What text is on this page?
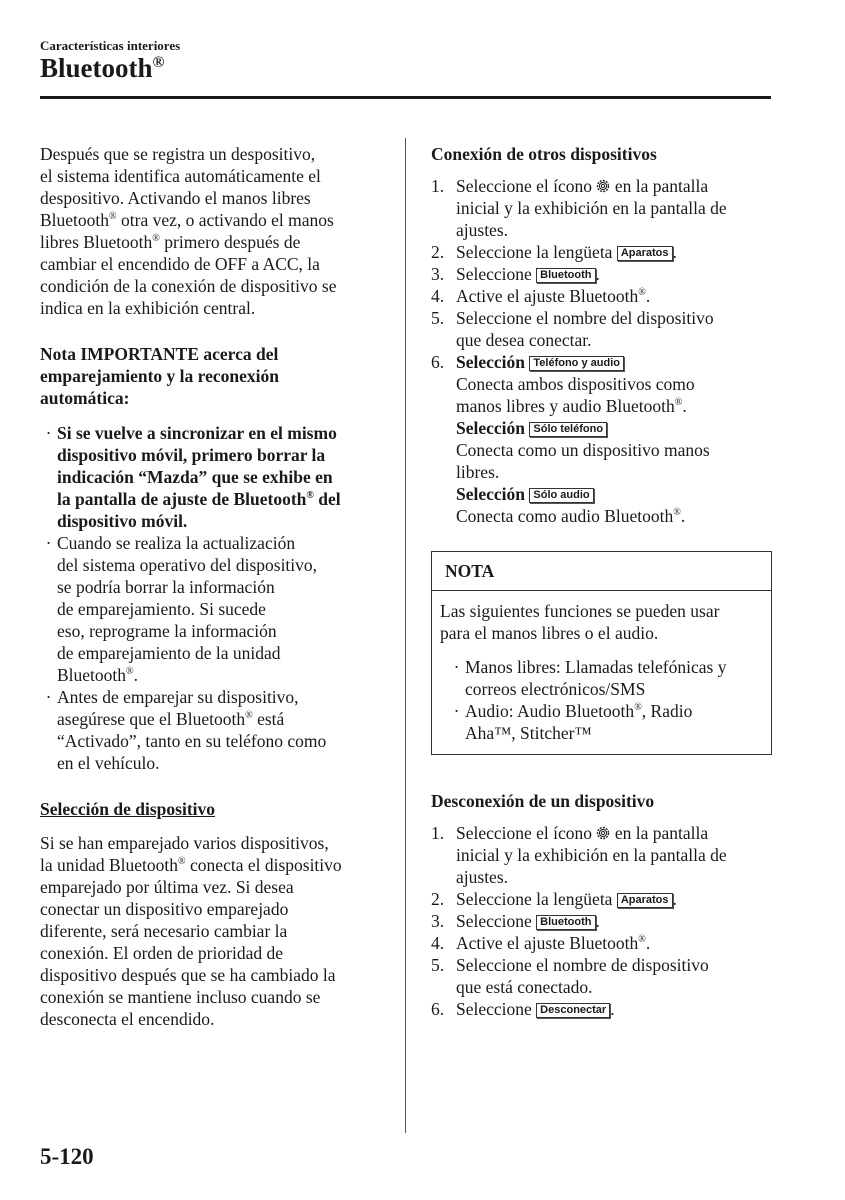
Características interiores
Bluetooth®

Después que se registra un despositivo,
el sistema identifica automáticamente el
despositivo. Activando el manos libres
Bluetooth® otra vez, o activando el manos
libres Bluetooth® primero después de
cambiar el encendido de OFF a ACC, la
condición de la conexión de dispositivo se
indica en la exhibición central.

Nota IMPORTANTE acerca del
emparejamiento y la reconexión
automática:

· Si se vuelve a sincronizar en el mismo
dispositivo móvil, primero borrar la
indicación “Mazda” que se exhibe en
la pantalla de ajuste de Bluetooth® del
dispositivo móvil.
· Cuando se realiza la actualización
del sistema operativo del dispositivo,
se podría borrar la información
de emparejamiento. Si sucede
eso, reprograme la información
de emparejamiento de la unidad
Bluetooth®.
· Antes de emparejar su dispositivo,
asegúrese que el Bluetooth® está
“Activado”, tanto en su teléfono como
en el vehículo.

Selección de dispositivo

Si se han emparejado varios dispositivos,
la unidad Bluetooth® conecta el dispositivo
emparejado por última vez. Si desea
conectar un dispositivo emparejado
diferente, será necesario cambiar la
conexión. El orden de prioridad de
dispositivo después que se ha cambiado la
conexión se mantiene incluso cuando se
desconecta el encendido.

Conexión de otros dispositivos

1. Seleccione el ícono  en la pantalla
inicial y la exhibición en la pantalla de
ajustes.
2. Seleccione la lengüeta Aparatos .
3. Seleccione Bluetooth .
4. Active el ajuste Bluetooth®.
5. Seleccione el nombre del dispositivo
que desea conectar.
6. Selección Teléfono y audio
Conecta ambos dispositivos como
manos libres y audio Bluetooth®.
Selección Sólo teléfono
Conecta como un dispositivo manos
libres.
Selección Sólo audio
Conecta como audio Bluetooth®.
NOTA

Las siguientes funciones se pueden usar
para el manos libres o el audio.

· Manos libres: Llamadas telefónicas y
correos electrónicos/SMS
· Audio: Audio Bluetooth®, Radio
Aha™, Stitcher™

Desconexión de un dispositivo

1. Seleccione el ícono  en la pantalla
inicial y la exhibición en la pantalla de
ajustes.
2. Seleccione la lengüeta Aparatos .
3. Seleccione Bluetooth .
4. Active el ajuste Bluetooth®.
5. Seleccione el nombre de dispositivo
que está conectado.
6. Seleccione Desconectar .
5-120
